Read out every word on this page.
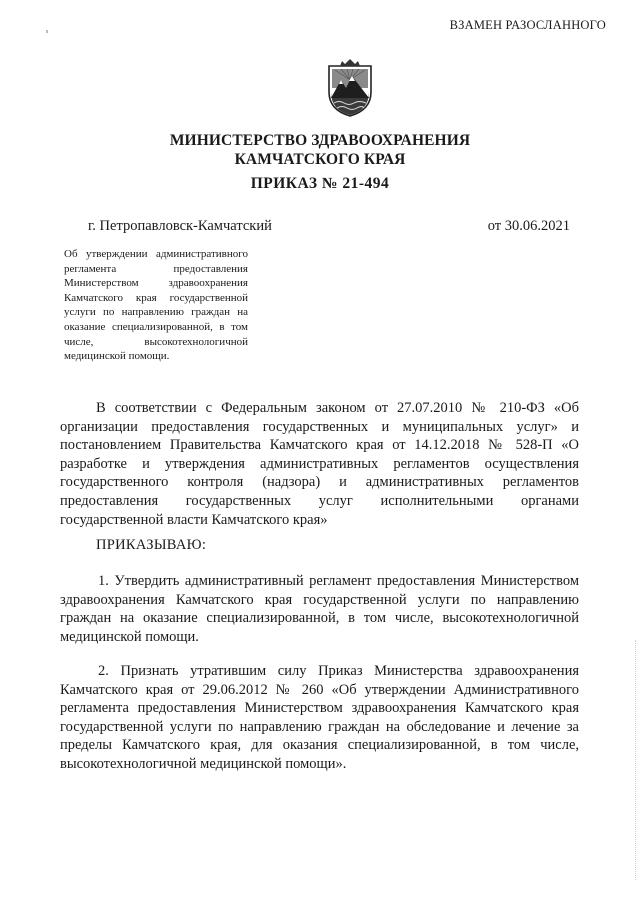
ВЗАМЕН РАЗОСЛАННОГО
МИНИСТЕРСТВО ЗДРАВООХРАНЕНИЯ
КАМЧАТСКОГО КРАЯ
ПРИКАЗ № 21-494
г. Петропавловск-Камчатский	от 30.06.2021
Об утверждении административного регламента предоставления Министерством здравоохранения Камчатского края государственной услуги по направлению граждан на оказание специализированной, в том числе, высокотехнологичной медицинской помощи.
В соответствии с Федеральным законом от 27.07.2010 № 210-ФЗ «Об организации предоставления государственных и муниципальных услуг» и постановлением Правительства Камчатского края от 14.12.2018 № 528-П «О разработке и утверждения административных регламентов осуществления государственного контроля (надзора) и административных регламентов предоставления государственных услуг исполнительными органами государственной власти Камчатского края»
ПРИКАЗЫВАЮ:
1. Утвердить административный регламент предоставления Министерством здравоохранения Камчатского края государственной услуги по направлению граждан на оказание специализированной, в том числе, высокотехнологичной медицинской помощи.
2. Признать утратившим силу Приказ Министерства здравоохранения Камчатского края от 29.06.2012 № 260 «Об утверждении Административного регламента предоставления Министерством здравоохранения Камчатского края государственной услуги по направлению граждан на обследование и лечение за пределы Камчатского края, для оказания специализированной, в том числе, высокотехнологичной медицинской помощи».
